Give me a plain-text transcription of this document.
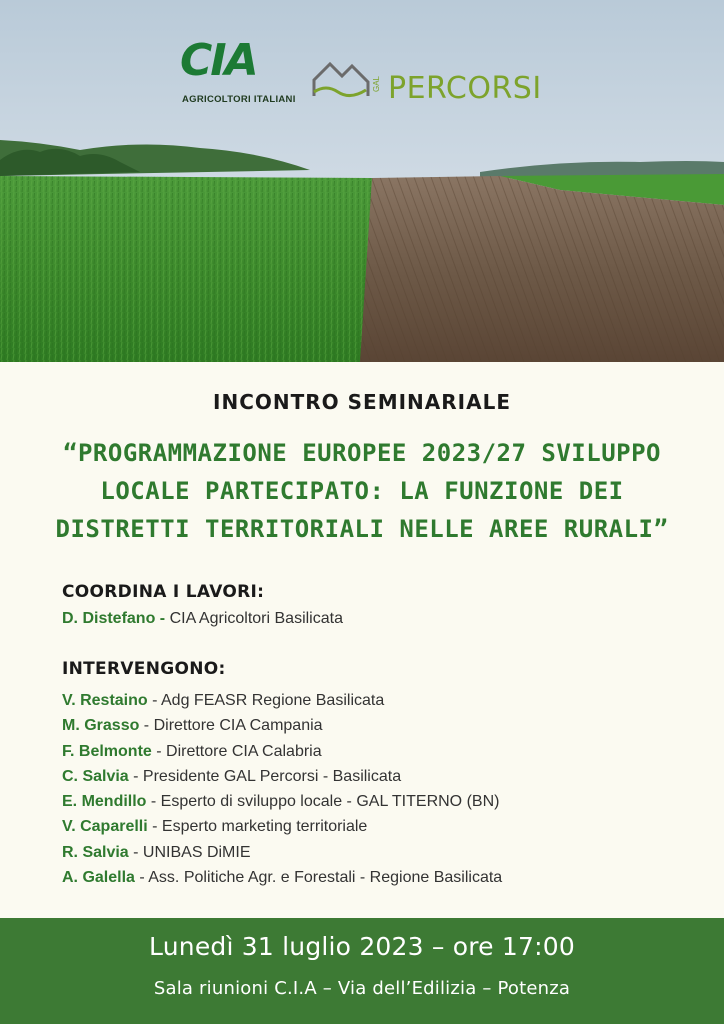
CIA
AGRICOLTORI ITALIANI
GAL PERCORSI
INCONTRO SEMINARIALE
“PROGRAMMAZIONE EUROPEE 2023/27 SVILUPPO
LOCALE PARTECIPATO: LA FUNZIONE DEI
DISTRETTI TERRITORIALI NELLE AREE RURALI”
COORDINA I LAVORI:
D. Distefano - CIA Agricoltori Basilicata
INTERVENGONO:
V. Restaino - Adg FEASR Regione Basilicata
M. Grasso - Direttore CIA Campania
F. Belmonte - Direttore CIA Calabria
C. Salvia - Presidente GAL Percorsi - Basilicata
E. Mendillo - Esperto di sviluppo locale - GAL TITERNO (BN)
V. Caparelli - Esperto marketing territoriale
R. Salvia - UNIBAS DiMIE
A. Galella - Ass. Politiche Agr. e Forestali - Regione Basilicata
Lunedì 31 luglio 2023 – ore 17:00
Sala riunioni C.I.A – Via dell’Edilizia – Potenza
